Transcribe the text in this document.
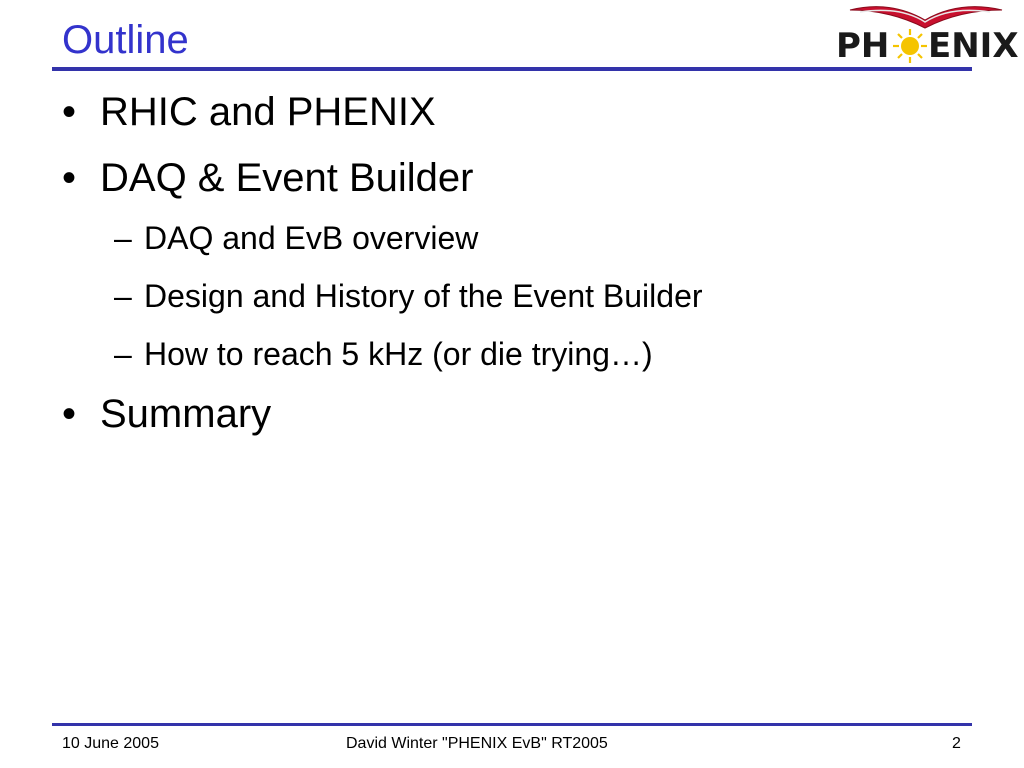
Outline	PH ENIX
• RHIC and PHENIX
• DAQ & Event Builder
– DAQ and EvB overview
– Design and History of the Event Builder
– How to reach 5 kHz (or die trying…)
• Summary
10 June 2005	David Winter "PHENIX EvB" RT2005	2
